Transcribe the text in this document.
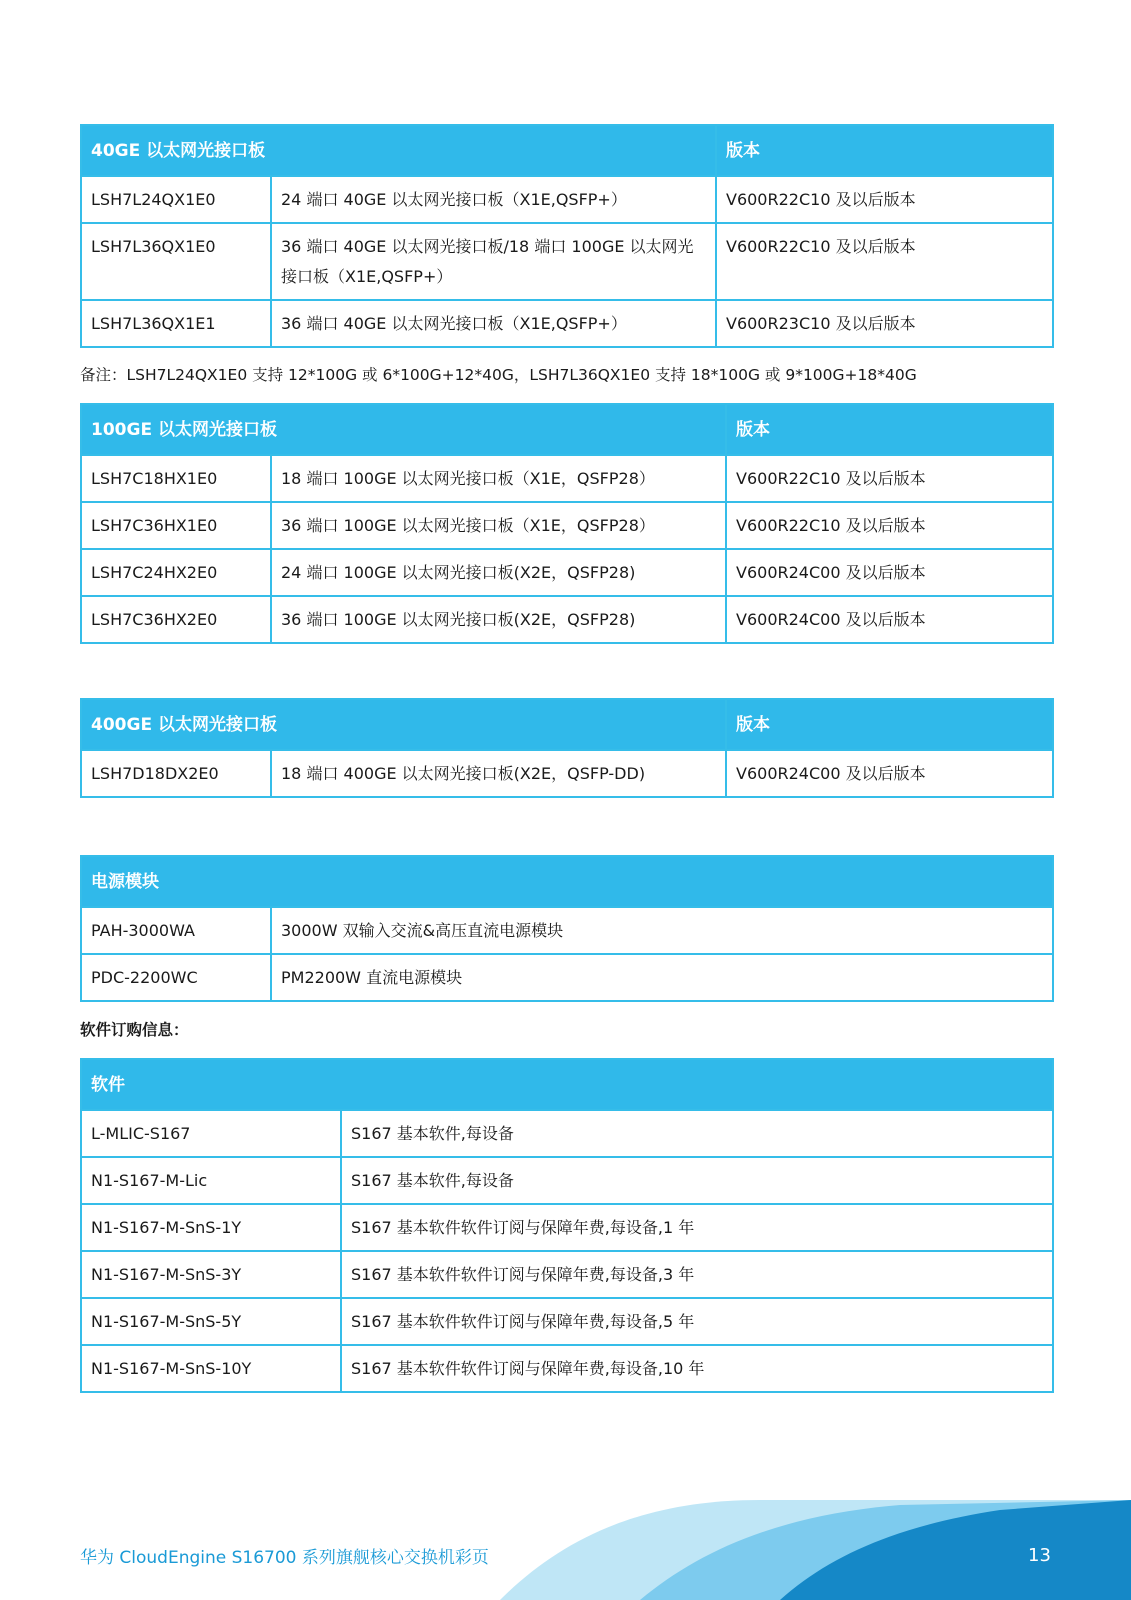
40GE 以太网光接口板		版本
LSH7L24QX1E0	24 端口 40GE 以太网光接口板（X1E,QSFP+）	V600R22C10 及以后版本
LSH7L36QX1E0	36 端口 40GE 以太网光接口板/18 端口 100GE 以太网光接口板（X1E,QSFP+）	V600R22C10 及以后版本
LSH7L36QX1E1	36 端口 40GE 以太网光接口板（X1E,QSFP+）	V600R23C10 及以后版本
备注：LSH7L24QX1E0 支持 12*100G 或 6*100G+12*40G，LSH7L36QX1E0 支持 18*100G 或 9*100G+18*40G
100GE 以太网光接口板		版本
LSH7C18HX1E0	18 端口 100GE 以太网光接口板（X1E，QSFP28）	V600R22C10 及以后版本
LSH7C36HX1E0	36 端口 100GE 以太网光接口板（X1E，QSFP28）	V600R22C10 及以后版本
LSH7C24HX2E0	24 端口 100GE 以太网光接口板(X2E，QSFP28)	V600R24C00 及以后版本
LSH7C36HX2E0	36 端口 100GE 以太网光接口板(X2E，QSFP28)	V600R24C00 及以后版本
400GE 以太网光接口板		版本
LSH7D18DX2E0	18 端口 400GE 以太网光接口板(X2E，QSFP-DD)	V600R24C00 及以后版本
电源模块	
PAH-3000WA	3000W 双输入交流&高压直流电源模块
PDC-2200WC	PM2200W 直流电源模块
软件订购信息：
软件	
L-MLIC-S167	S167 基本软件,每设备
N1-S167-M-Lic	S167 基本软件,每设备
N1-S167-M-SnS-1Y	S167 基本软件软件订阅与保障年费,每设备,1 年
N1-S167-M-SnS-3Y	S167 基本软件软件订阅与保障年费,每设备,3 年
N1-S167-M-SnS-5Y	S167 基本软件软件订阅与保障年费,每设备,5 年
N1-S167-M-SnS-10Y	S167 基本软件软件订阅与保障年费,每设备,10 年
华为 CloudEngine S16700 系列旗舰核心交换机彩页	13
